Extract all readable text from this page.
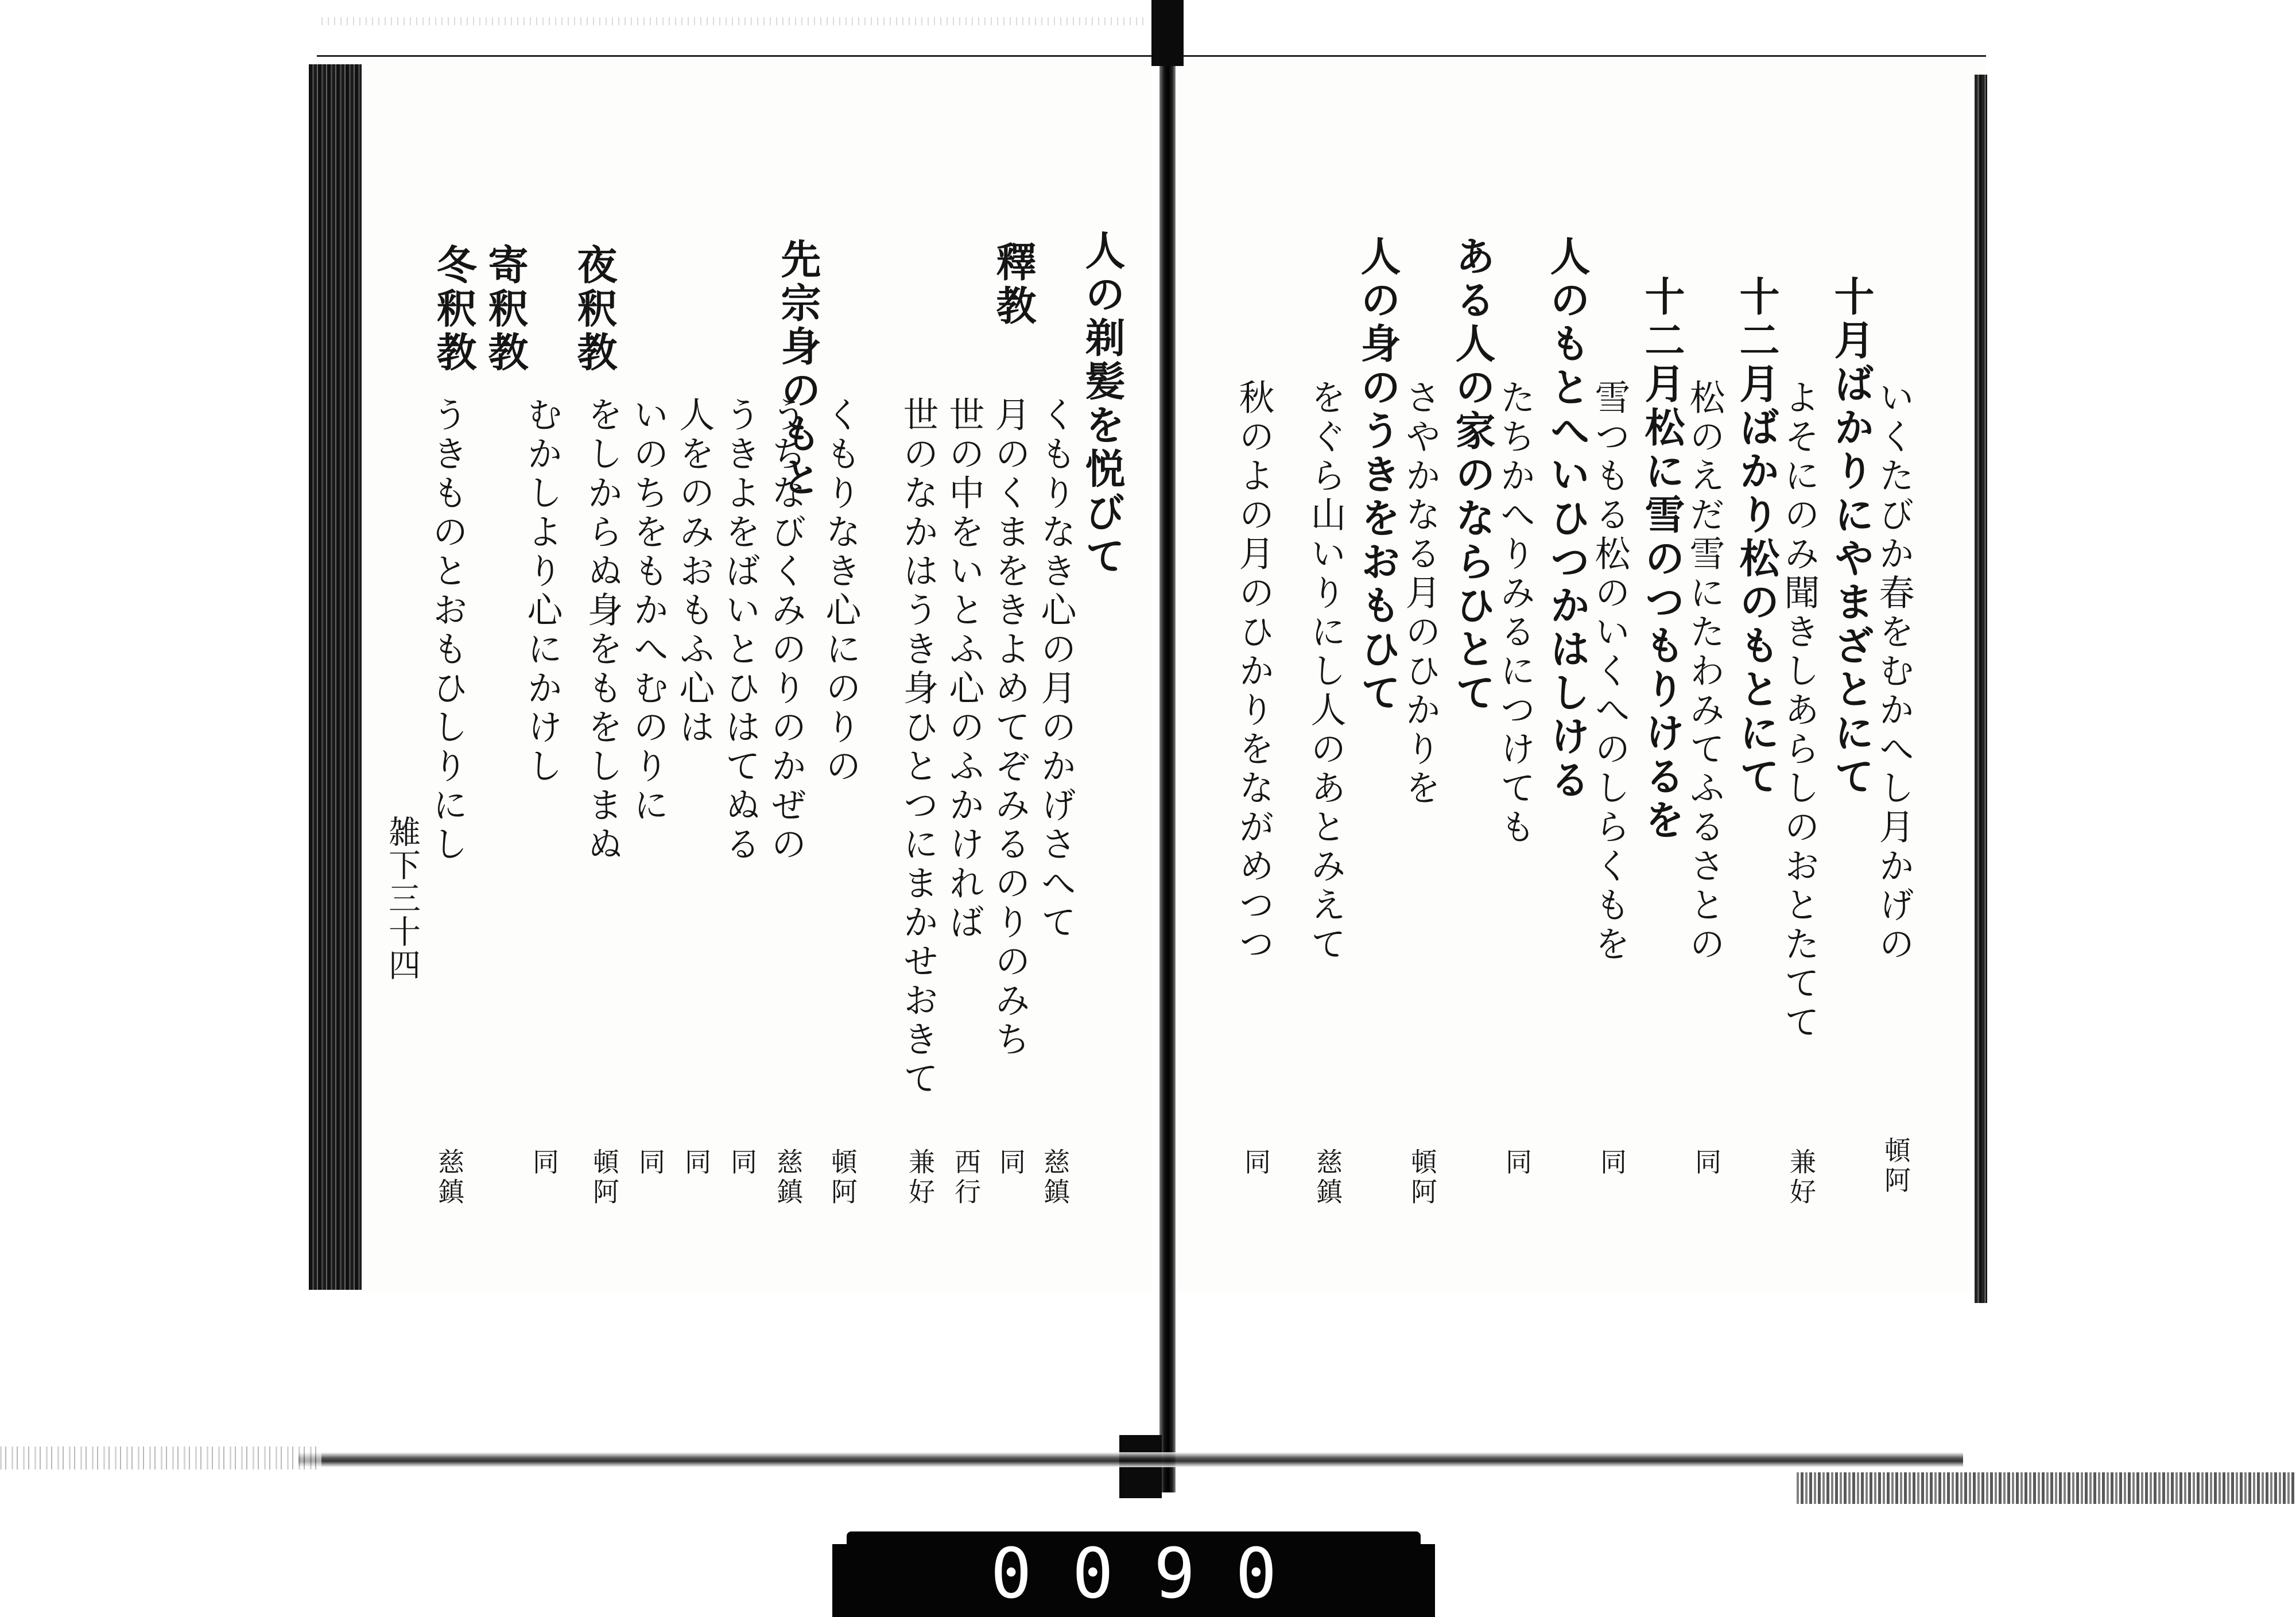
人の剃髪を悦びて
くもりなき心の月のかげさへて
慈鎮
月のくまをきよめてぞみるのりのみち
同
世の中をいとふ心のふかければ
西行
世のなかはうき身ひとつにまかせおきて
兼好
くもりなき心にのりの
頓阿
釋教
うちなびくみのりのかぜの
慈鎮
うきよをばいとひはてぬる
同
人をのみおもふ心は
同
いのちをもかへむのりに
同
をしからぬ身をもをしまぬ
頓阿
むかしより心にかけし
同
うきものとおもひしりにし
慈鎮
先宗身のもと
夜釈教
寄釈教
冬釈教
雑下三十四	いくたびか春をむかへし月かげの
頓阿
十月ばかりにやまざとにて
よそにのみ聞きしあらしのおとたてて
兼好
十二月ばかり松のもとにて
松のえだ雪にたわみてふるさとの
同
十二月松に雪のつもりけるを
雪つもる松のいくへのしらくもを
同
人のもとへいひつかはしける
たちかへりみるにつけても
同
ある人の家のならひとて
さやかなる月のひかりを
頓阿
人の身のうきをおもひて
をぐら山いりにし人のあとみえて
慈鎮
秋のよの月のひかりをながめつつ
同
0090
